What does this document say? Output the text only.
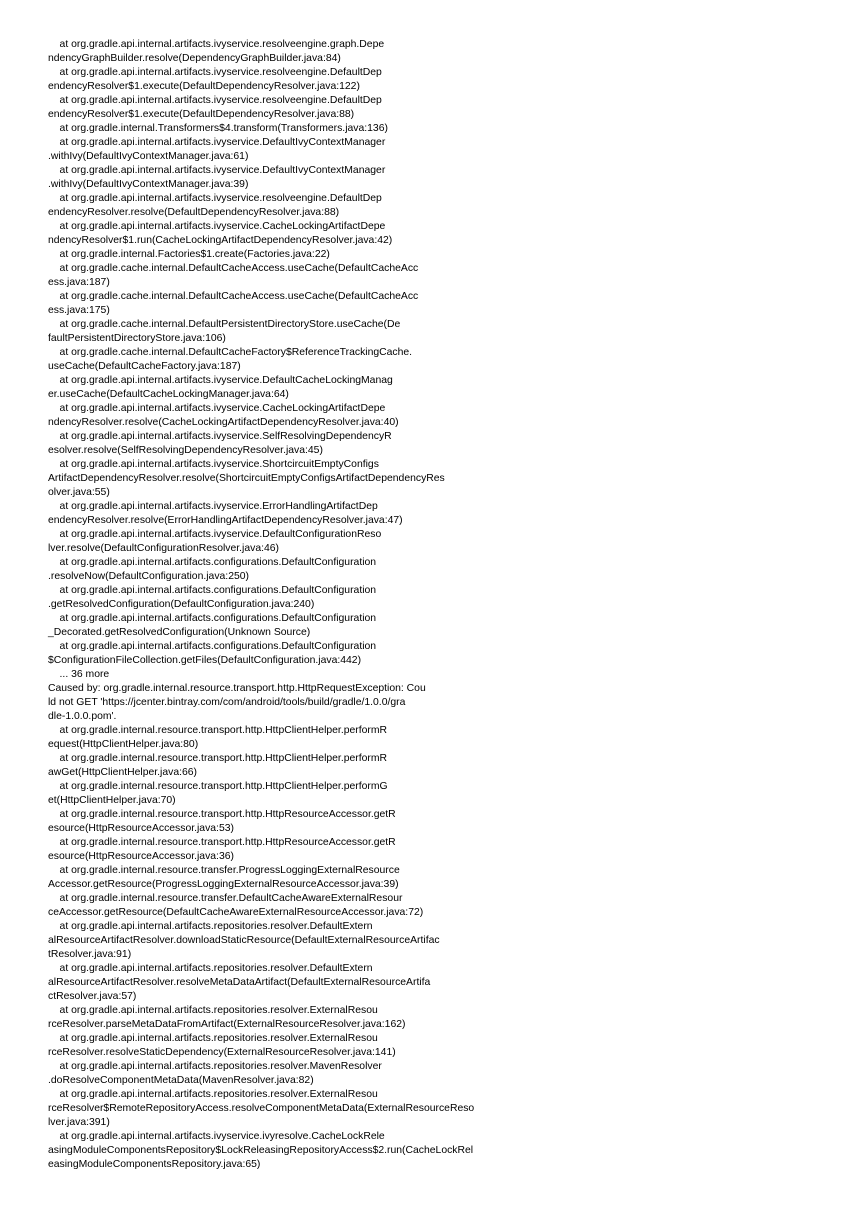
at org.gradle.api.internal.artifacts.ivyservice.resolveengine.graph.Depe
ndencyGraphBuilder.resolve(DependencyGraphBuilder.java:84)
at org.gradle.api.internal.artifacts.ivyservice.resolveengine.DefaultDep
endencyResolver$1.execute(DefaultDependencyResolver.java:122)
at org.gradle.api.internal.artifacts.ivyservice.resolveengine.DefaultDep
endencyResolver$1.execute(DefaultDependencyResolver.java:88)
at org.gradle.internal.Transformers$4.transform(Transformers.java:136)
at org.gradle.api.internal.artifacts.ivyservice.DefaultIvyContextManager
.withIvy(DefaultIvyContextManager.java:61)
at org.gradle.api.internal.artifacts.ivyservice.DefaultIvyContextManager
.withIvy(DefaultIvyContextManager.java:39)
at org.gradle.api.internal.artifacts.ivyservice.resolveengine.DefaultDep
endencyResolver.resolve(DefaultDependencyResolver.java:88)
at org.gradle.api.internal.artifacts.ivyservice.CacheLockingArtifactDepe
ndencyResolver$1.run(CacheLockingArtifactDependencyResolver.java:42)
at org.gradle.internal.Factories$1.create(Factories.java:22)
at org.gradle.cache.internal.DefaultCacheAccess.useCache(DefaultCacheAcc
ess.java:187)
at org.gradle.cache.internal.DefaultCacheAccess.useCache(DefaultCacheAcc
ess.java:175)
at org.gradle.cache.internal.DefaultPersistentDirectoryStore.useCache(De
faultPersistentDirectoryStore.java:106)
at org.gradle.cache.internal.DefaultCacheFactory$ReferenceTrackingCache.
useCache(DefaultCacheFactory.java:187)
at org.gradle.api.internal.artifacts.ivyservice.DefaultCacheLockingManag
er.useCache(DefaultCacheLockingManager.java:64)
at org.gradle.api.internal.artifacts.ivyservice.CacheLockingArtifactDepe
ndencyResolver.resolve(CacheLockingArtifactDependencyResolver.java:40)
at org.gradle.api.internal.artifacts.ivyservice.SelfResolvingDependencyR
esolver.resolve(SelfResolvingDependencyResolver.java:45)
at org.gradle.api.internal.artifacts.ivyservice.ShortcircuitEmptyConfigs
ArtifactDependencyResolver.resolve(ShortcircuitEmptyConfigsArtifactDependencyRes
olver.java:55)
at org.gradle.api.internal.artifacts.ivyservice.ErrorHandlingArtifactDep
endencyResolver.resolve(ErrorHandlingArtifactDependencyResolver.java:47)
at org.gradle.api.internal.artifacts.ivyservice.DefaultConfigurationReso
lver.resolve(DefaultConfigurationResolver.java:46)
at org.gradle.api.internal.artifacts.configurations.DefaultConfiguration
.resolveNow(DefaultConfiguration.java:250)
at org.gradle.api.internal.artifacts.configurations.DefaultConfiguration
.getResolvedConfiguration(DefaultConfiguration.java:240)
at org.gradle.api.internal.artifacts.configurations.DefaultConfiguration
_Decorated.getResolvedConfiguration(Unknown Source)
at org.gradle.api.internal.artifacts.configurations.DefaultConfiguration
$ConfigurationFileCollection.getFiles(DefaultConfiguration.java:442)
... 36 more
Caused by: org.gradle.internal.resource.transport.http.HttpRequestException: Cou
ld not GET 'https://jcenter.bintray.com/com/android/tools/build/gradle/1.0.0/gra
dle-1.0.0.pom'.
at org.gradle.internal.resource.transport.http.HttpClientHelper.performR
equest(HttpClientHelper.java:80)
at org.gradle.internal.resource.transport.http.HttpClientHelper.performR
awGet(HttpClientHelper.java:66)
at org.gradle.internal.resource.transport.http.HttpClientHelper.performG
et(HttpClientHelper.java:70)
at org.gradle.internal.resource.transport.http.HttpResourceAccessor.getR
esource(HttpResourceAccessor.java:53)
at org.gradle.internal.resource.transport.http.HttpResourceAccessor.getR
esource(HttpResourceAccessor.java:36)
at org.gradle.internal.resource.transfer.ProgressLoggingExternalResource
Accessor.getResource(ProgressLoggingExternalResourceAccessor.java:39)
at org.gradle.internal.resource.transfer.DefaultCacheAwareExternalResour
ceAccessor.getResource(DefaultCacheAwareExternalResourceAccessor.java:72)
at org.gradle.api.internal.artifacts.repositories.resolver.DefaultExtern
alResourceArtifactResolver.downloadStaticResource(DefaultExternalResourceArtifac
tResolver.java:91)
at org.gradle.api.internal.artifacts.repositories.resolver.DefaultExtern
alResourceArtifactResolver.resolveMetaDataArtifact(DefaultExternalResourceArtifa
ctResolver.java:57)
at org.gradle.api.internal.artifacts.repositories.resolver.ExternalResou
rceResolver.parseMetaDataFromArtifact(ExternalResourceResolver.java:162)
at org.gradle.api.internal.artifacts.repositories.resolver.ExternalResou
rceResolver.resolveStaticDependency(ExternalResourceResolver.java:141)
at org.gradle.api.internal.artifacts.repositories.resolver.MavenResolver
.doResolveComponentMetaData(MavenResolver.java:82)
at org.gradle.api.internal.artifacts.repositories.resolver.ExternalResou
rceResolver$RemoteRepositoryAccess.resolveComponentMetaData(ExternalResourceReso
lver.java:391)
at org.gradle.api.internal.artifacts.ivyservice.ivyresolve.CacheLockRele
asingModuleComponentsRepository$LockReleasingRepositoryAccess$2.run(CacheLockRel
easingModuleComponentsRepository.java:65)
